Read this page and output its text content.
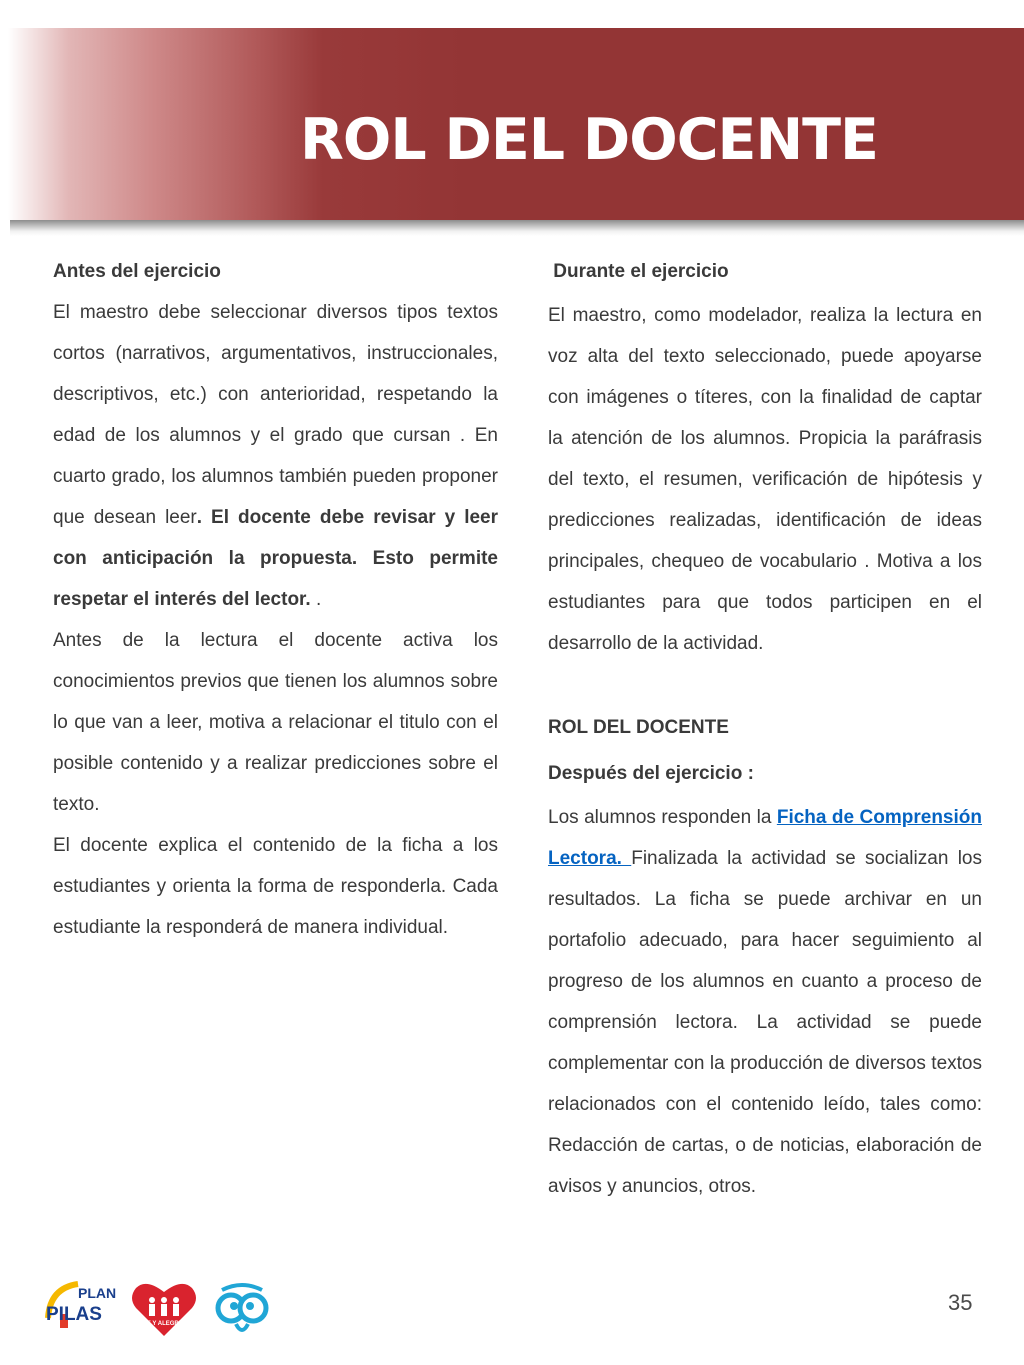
ROL DEL DOCENTE

Antes del ejercicio

El maestro debe seleccionar diversos tipos textos cortos (narrativos, argumentativos, instruccionales, descriptivos, etc.) con anterioridad, respetando la edad de los alumnos y el grado que cursan . En cuarto grado, los alumnos también pueden proponer que desean leer. El docente debe revisar y leer con anticipación la propuesta. Esto permite respetar el interés del lector. .

Antes de la lectura el docente activa los conocimientos previos que tienen los alumnos sobre lo que van a leer, motiva a relacionar el titulo con el posible contenido y a realizar predicciones sobre el texto.

El docente explica el contenido de la ficha a los estudiantes y orienta la forma de responderla. Cada estudiante la responderá de manera individual.

Durante el ejercicio

El maestro, como modelador, realiza la lectura en voz alta del texto seleccionado, puede apoyarse con imágenes o títeres, con la finalidad de captar la atención de los alumnos. Propicia la paráfrasis del texto, el resumen, verificación de hipótesis y predicciones realizadas, identificación de ideas principales, chequeo de vocabulario . Motiva a los estudiantes para que todos participen en el desarrollo de la actividad.

ROL DEL DOCENTE

Después del ejercicio :

Los alumnos responden la Ficha de Comprensión Lectora. Finalizada la actividad se socializan los resultados. La ficha se puede archivar en un portafolio adecuado, para hacer seguimiento al progreso de los alumnos en cuanto a proceso de comprensión lectora. La actividad se puede complementar con la producción de diversos textos relacionados con el contenido leído, tales como: Redacción de cartas, o de noticias, elaboración de avisos y anuncios, otros.

PLAN
PILAS	FE Y ALEGRIA
35
